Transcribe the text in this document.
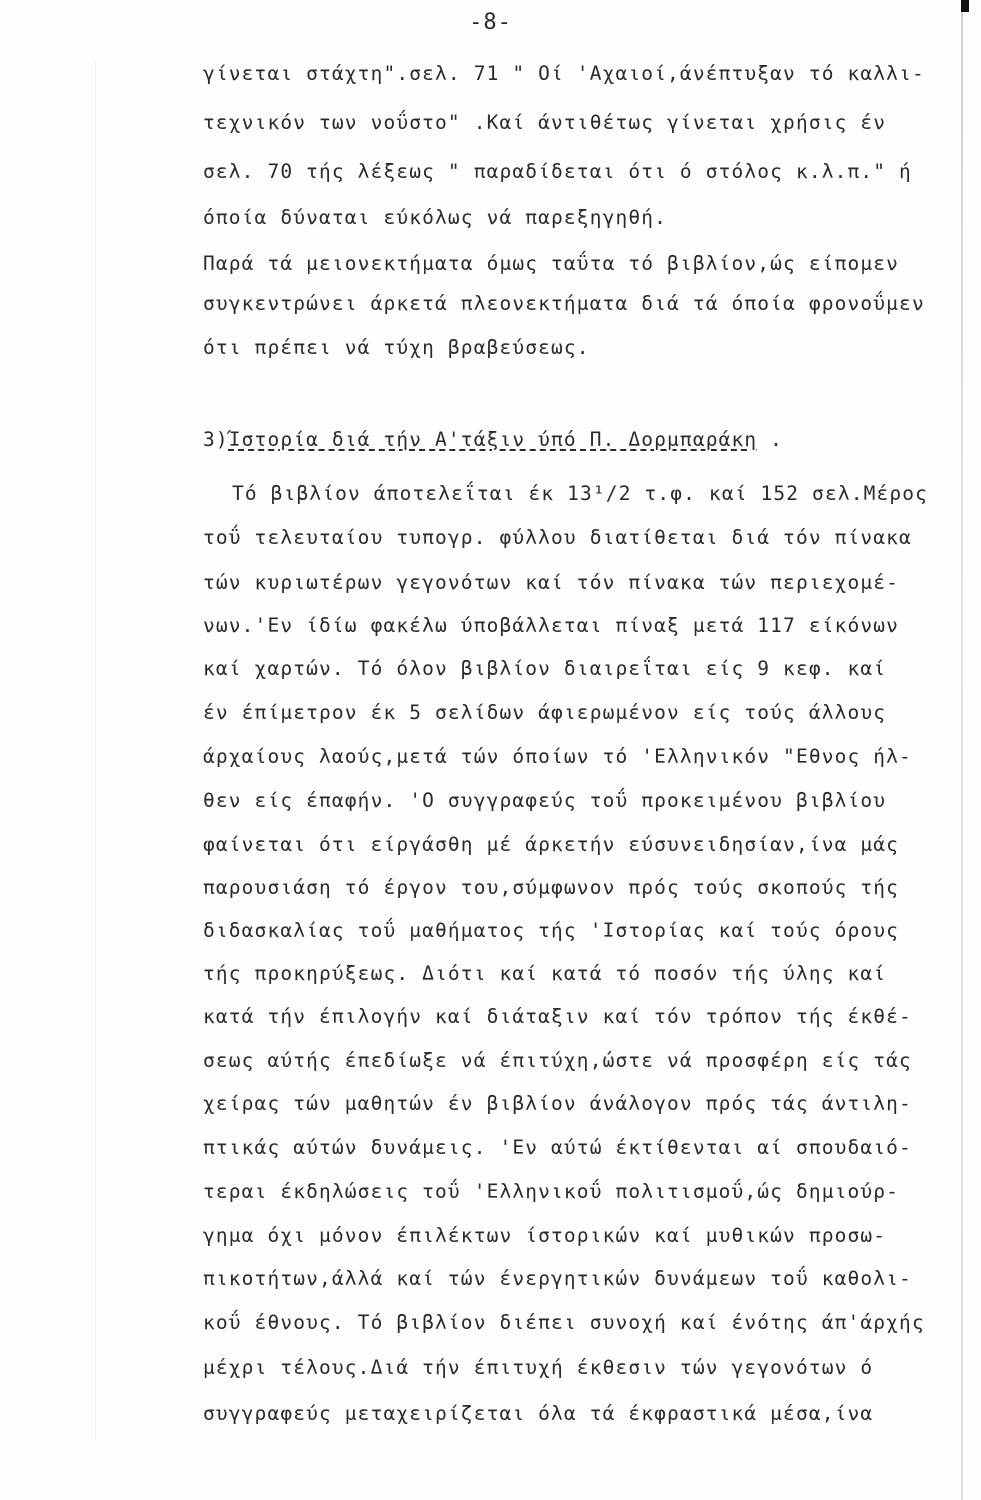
-8-
γίνεται στάχτη".σελ. 71 " Οί 'Αχαιοί,άνέπτυξαν τό καλλι-
τεχνικόν των νοΰστο" .Καί άντιθέτως γίνεται χρήσις έν
σελ. 70 τής λέξεως " παραδίδεται ότι ό στόλος κ.λ.π." ή
όποία δύναται εύκόλως νά παρεξηγηθή.
Παρά τά μειονεκτήματα όμως ταΰτα τό βιβλίον,ώς είπομεν
συγκεντρώνει άρκετά πλεονεκτήματα διά τά όποία φρονοΰμεν
ότι πρέπει νά τύχη βραβεύσεως.
3)Ίστορία διά τήν Α'τάξιν ύπό Π. Δορμπαράκη .
Τό βιβλίον άποτελεΐται έκ 13¹/2 τ.φ. καί 152 σελ.Μέρος
τοΰ τελευταίου τυπογρ. φύλλου διατίθεται διά τόν πίνακα
τών κυριωτέρων γεγονότων καί τόν πίνακα τών περιεχομέ-
νων.'Εν ίδίω φακέλω ύποβάλλεται πίναξ μετά 117 είκόνων
καί χαρτών. Τό όλον βιβλίον διαιρεΐται είς 9 κεφ. καί
έν έπίμετρον έκ 5 σελίδων άφιερωμένον είς τούς άλλους
άρχαίους λαούς,μετά τών όποίων τό 'Ελληνικόν "Εθνος ήλ-
θεν είς έπαφήν. 'Ο συγγραφεύς τοΰ προκειμένου βιβλίου
φαίνεται ότι είργάσθη μέ άρκετήν εύσυνειδησίαν,ίνα μάς
παρουσιάση τό έργον του,σύμφωνον πρός τούς σκοπούς τής
διδασκαλίας τοΰ μαθήματος τής 'Ιστορίας καί τούς όρους
τής προκηρύξεως. Διότι καί κατά τό ποσόν τής ύλης καί
κατά τήν έπιλογήν καί διάταξιν καί τόν τρόπον τής έκθέ-
σεως αύτής έπεδίωξε νά έπιτύχη,ώστε νά προσφέρη είς τάς
χείρας τών μαθητών έν βιβλίον άνάλογον πρός τάς άντιλη-
πτικάς αύτών δυνάμεις. 'Εν αύτώ έκτίθενται αί σπουδαιό-
τεραι έκδηλώσεις τοΰ 'Ελληνικοΰ πολιτισμοΰ,ώς δημιούρ-
γημα όχι μόνον έπιλέκτων ίστορικών καί μυθικών προσω-
πικοτήτων,άλλά καί τών ένεργητικών δυνάμεων τοΰ καθολι-
κοΰ έθνους. Τό βιβλίον διέπει συνοχή καί ένότης άπ'άρχής
μέχρι τέλους.Διά τήν έπιτυχή έκθεσιν τών γεγονότων ό
συγγραφεύς μεταχειρίζεται όλα τά έκφραστικά μέσα,ίνα
